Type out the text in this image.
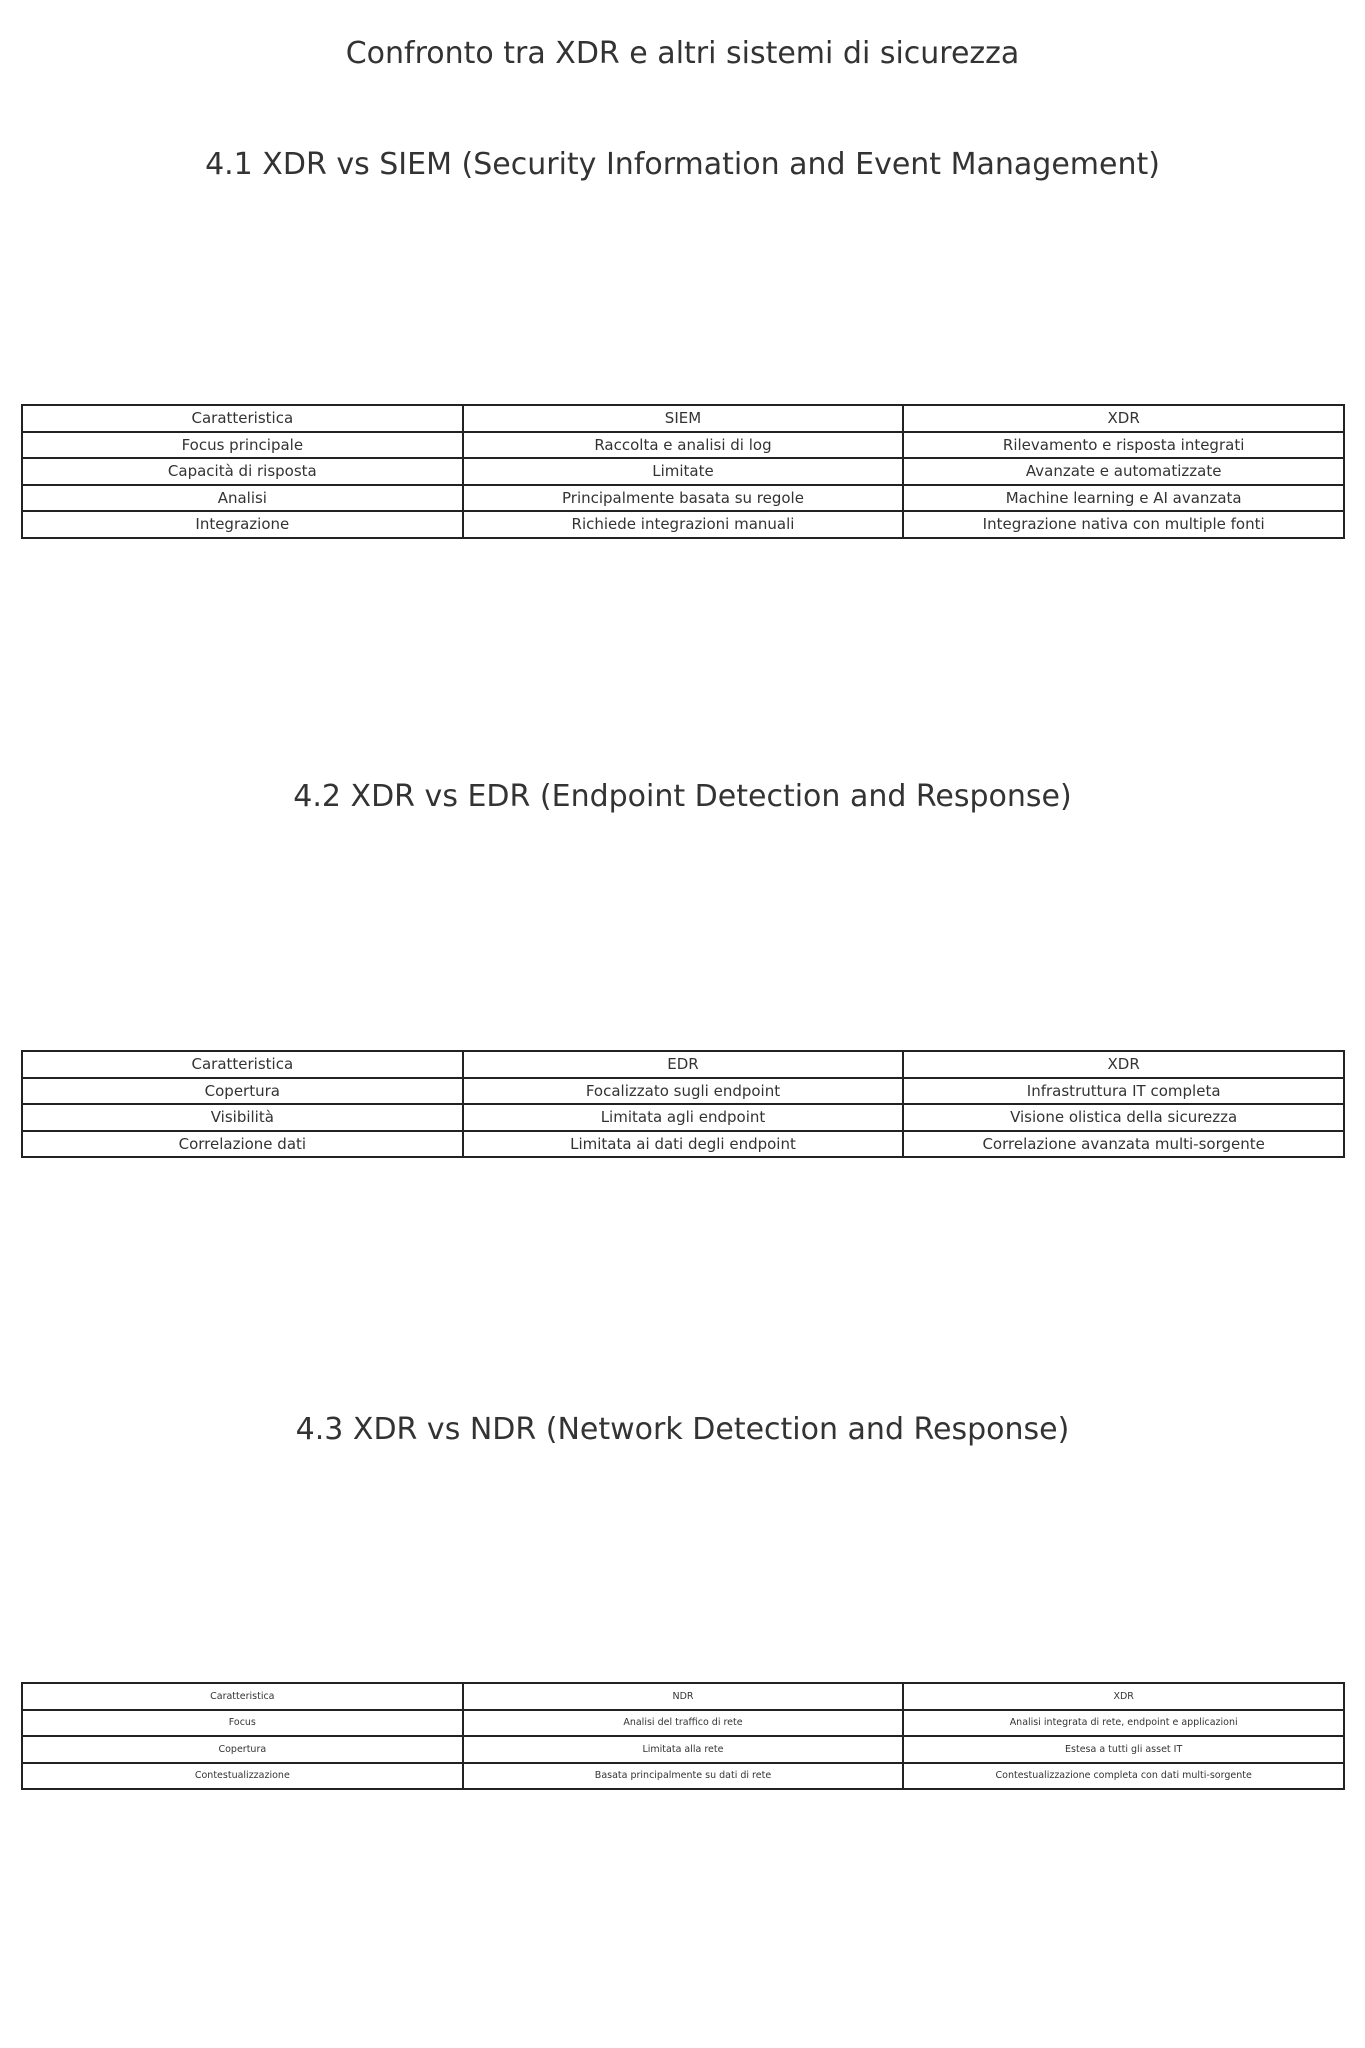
Confronto tra XDR e altri sistemi di sicurezza
4.1 XDR vs SIEM (Security Information and Event Management)
Caratteristica	SIEM	XDR
Focus principale	Raccolta e analisi di log	Rilevamento e risposta integrati
Capacità di risposta	Limitate	Avanzate e automatizzate
Analisi	Principalmente basata su regole	Machine learning e AI avanzata
Integrazione	Richiede integrazioni manuali	Integrazione nativa con multiple fonti
4.2 XDR vs EDR (Endpoint Detection and Response)
Caratteristica	EDR	XDR
Copertura	Focalizzato sugli endpoint	Infrastruttura IT completa
Visibilità	Limitata agli endpoint	Visione olistica della sicurezza
Correlazione dati	Limitata ai dati degli endpoint	Correlazione avanzata multi-sorgente
4.3 XDR vs NDR (Network Detection and Response)
Caratteristica	NDR	XDR
Focus	Analisi del traffico di rete	Analisi integrata di rete, endpoint e applicazioni
Copertura	Limitata alla rete	Estesa a tutti gli asset IT
Contestualizzazione	Basata principalmente su dati di rete	Contestualizzazione completa con dati multi-sorgente
